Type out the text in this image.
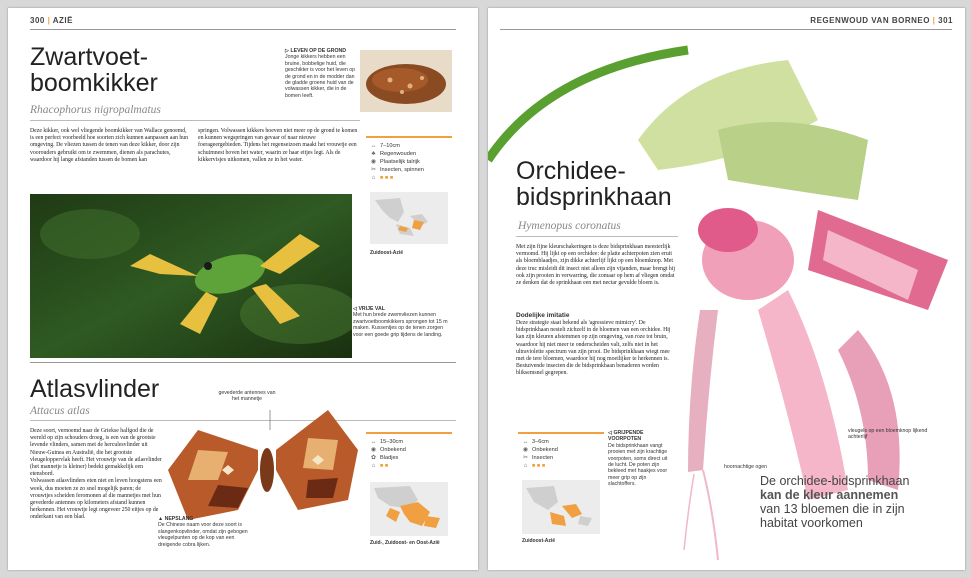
300 | AZIË
Zwartvoet-
boomkikker
Rhacophorus nigropalmatus
▷ LEVEN OP DE GROND
Jonge kikkers hebben een bruine, bobbelige huid, die geschikter is voor het leven op de grond en in de modder dan de gladde groene huid van de volwassen kikker, die in de bomen leeft.
Deze kikker, ook wel vliegende boomkikker van Wallace genoemd, is een perfect voorbeeld hoe soorten zich kunnen aanpassen aan hun omgeving. De vliezen tussen de tenen van deze kikker, door zijn voorouders gebruikt om te zwemmen, dienen als parachutes, waardoor hij lange afstanden tussen de bomen kan
springen. Volwassen kikkers hoeven niet meer op de grond te komen en kunnen wegspringen van gevaar of naar nieuwe foerageergebieden. Tijdens het regenseizoen maakt het vrouwtje een schuimnest boven het water, waarin ze haar eitjes legt. Als de kikkervisjes uitkomen, vallen ze in het water.
↔ 7–10cm
♣ Regenwouden
◉ Plaatselijk talrijk
✂ Insecten, spinnen
⌂ ■ ■ ■
Zuidoost-Azië
◁ VRIJE VAL
Met hun brede zwemvliezen kunnen zwartvoetboomkikkers sprongen tot 15 m maken. Kussentjes op de tenen zorgen voor een goede grip tijdens de landing.
Atlasvlinder
Attacus atlas
Deze soort, vernoemd naar de Griekse halfgod die de wereld op zijn schouders droeg, is een van de grootste levende vlinders, samen met de herculesvlinder uit Nieuw-Guinea en Australië, die het grootste vleugeloppervlak heeft. Het vrouwtje van de atlasvlinder (het mannetje is kleiner) bedekt gemakkelijk een etensbord.
Volwassen atlasvlinders eten niet en leven hoogstens een week, dus moeten ze zo snel mogelijk paren; de vrouwtjes scheiden feromonen af die mannetjes met hun gevederde antennes op kilometers afstand kunnen herkennen. Het vrouwtje legt ongeveer 250 eitjes op de onderkant van een blad.
gevederde antennes van het mannetje
▲ NEPSLANG
De Chinese naam voor deze soort is slangenkopvlinder, omdat zijn gebogen vleugelpunten op de kop van een dreigende cobra lijken.
↔ 15–30cm
◉ Onbekend
✿ Bladjes
⌂ ■ ■
Zuid-, Zuidoost- en Oost-Azië
REGENWOUD VAN BORNEO | 301
Orchidee-
bidsprinkhaan
Hymenopus coronatus
Met zijn fijne kleurschakeringen is deze bidsprinkhaan meesterlijk vermomd. Hij lijkt op een orchidee: de platte achterpoten zien eruit als bloemblaadjes, zijn dikke achterlijf lijkt op een bloemknop. Met deze truc misleidt dit insect niet alleen zijn vijanden, maar brengt hij ook zijn prooien in verwarring, die zomaar op hem af vliegen omdat ze denken dat de sprinkhaan een met nectar gevulde bloem is.
Dodelijke imitatie
Deze strategie staat bekend als 'agressieve mimicry'. De bidsprinkhaan nestelt zichzelf in de bloemen van een orchidee. Hij kan zijn kleuren afstemmen op zijn omgeving, van roze tot bruin, waardoor hij niet meer te onderscheiden valt, zelfs niet in het ultraviolette spectrum van zijn prooi. De bidsprinkhaan wiegt mee met de tere bloemen, waardoor hij nog moeilijker te herkennen is. Bestuivende insecten die de bidsprinkhaan benaderen worden bliksemsnel gegrepen.
↔ 3–6cm
◉ Onbekend
✂ Insecten
⌂ ■ ■ ■
Zuidoost-Azië
◁ GRIJPENDE VOORPOTEN
De bidsprinkhaan vangt prooien met zijn krachtige voorpoten, soms direct uit de lucht. De poten zijn bekleed met haakjes voor meer grip op zijn slachtoffers.
hoornachtige ogen
vleugels op een bloemknop lijkend achterlijf
De orchidee-bidsprinkhaan
kan de kleur aannemen
van 13 bloemen die in zijn
habitat voorkomen
